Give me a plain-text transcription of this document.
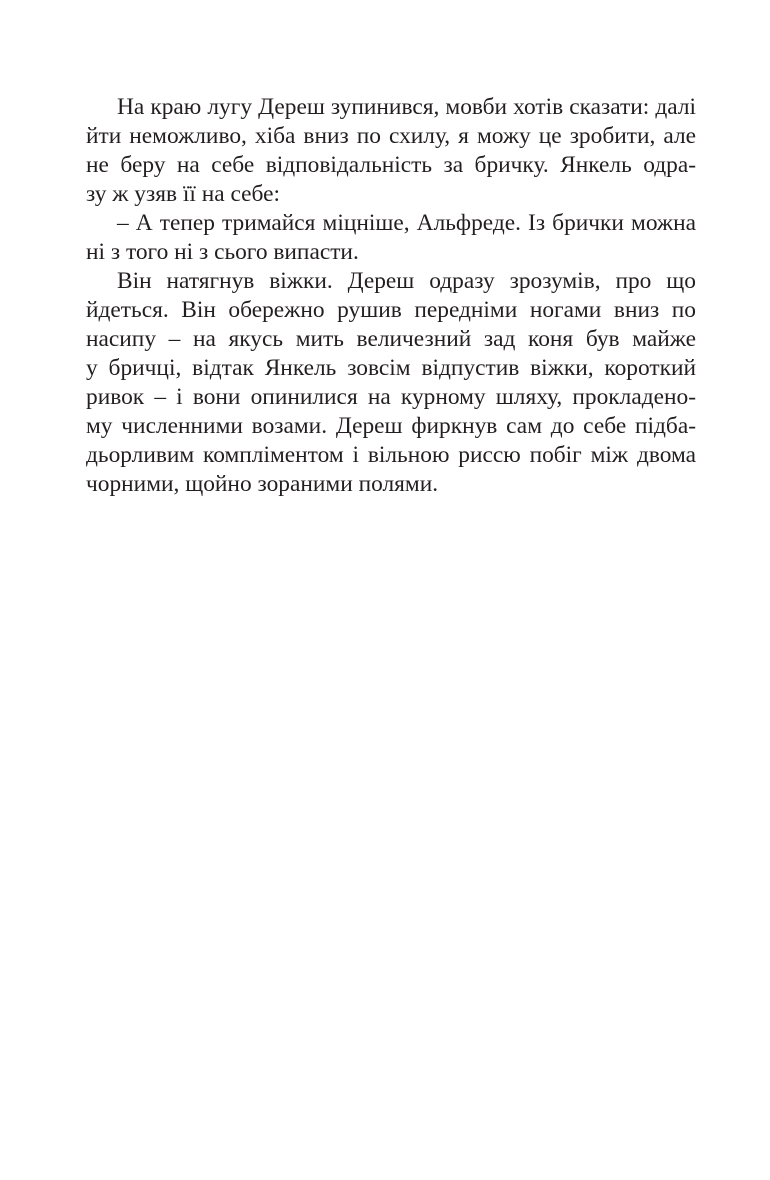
На краю лугу Дереш зупинився, мовби хотів сказати: далі
йти неможливо, хіба вниз по схилу, я можу це зробити, але
не беру на себе відповідальність за бричку. Янкель одра-
зу ж узяв її на себе:
– А тепер тримайся міцніше, Альфреде. Із брички можна
ні з того ні з сього випасти.
Він натягнув віжки. Дереш одразу зрозумів, про що
йдеться. Він обережно рушив передніми ногами вниз по
насипу – на якусь мить величезний зад коня був майже
у бричці, відтак Янкель зовсім відпустив віжки, короткий
ривок – і вони опинилися на курному шляху, прокладено-
му численними возами. Дереш фиркнув сам до себе підба-
дьорливим компліментом і вільною риссю побіг між двома
чорними, щойно зораними полями.
